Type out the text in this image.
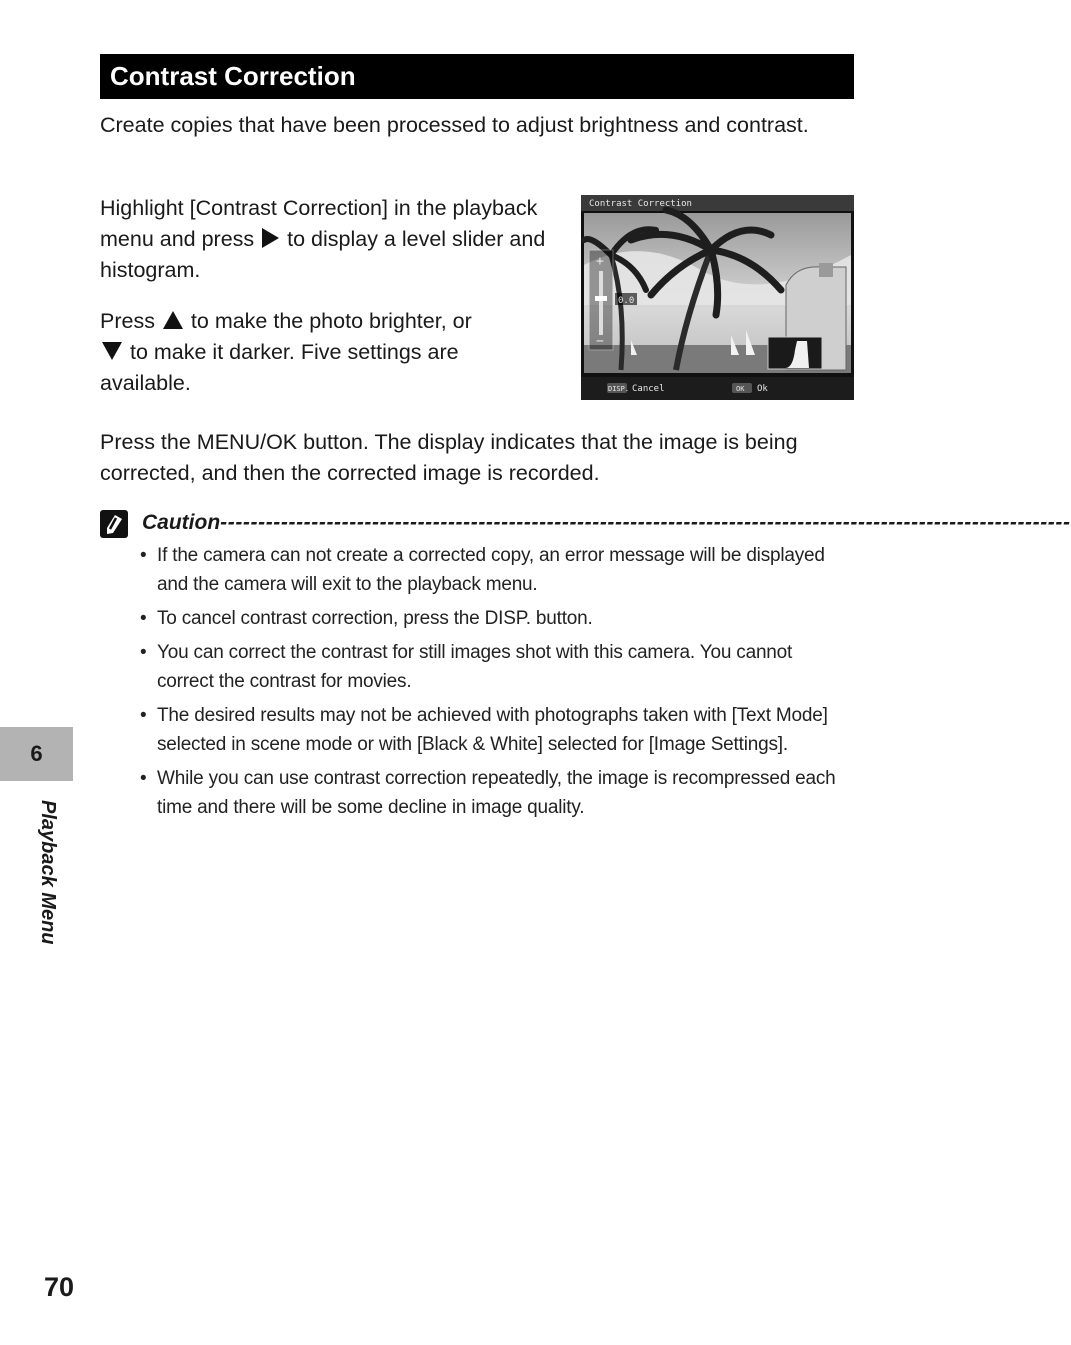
Contrast Correction

Create copies that have been processed to adjust brightness and contrast.

Highlight [Contrast Correction] in the playback menu and press  to display a level slider and histogram.

Press  to make the photo brighter, or
to make it darker. Five settings are available.

Contrast Correction
+
−
0.0
DISP. Cancel	OK Ok

Press the MENU/OK button. The display indicates that the image is being corrected, and then the corrected image is recorded.

Caution----------------------------------------------------------------------------------------------------------------
• If the camera can not create a corrected copy, an error message will be displayed and the camera will exit to the playback menu.
• To cancel contrast correction, press the DISP. button.
• You can correct the contrast for still images shot with this camera. You cannot correct the contrast for movies.
• The desired results may not be achieved with photographs taken with [Text Mode] selected in scene mode or with [Black & White] selected for [Image Settings].
• While you can use contrast correction repeatedly, the image is recompressed each time and there will be some decline in image quality.
6
Playback Menu
70
